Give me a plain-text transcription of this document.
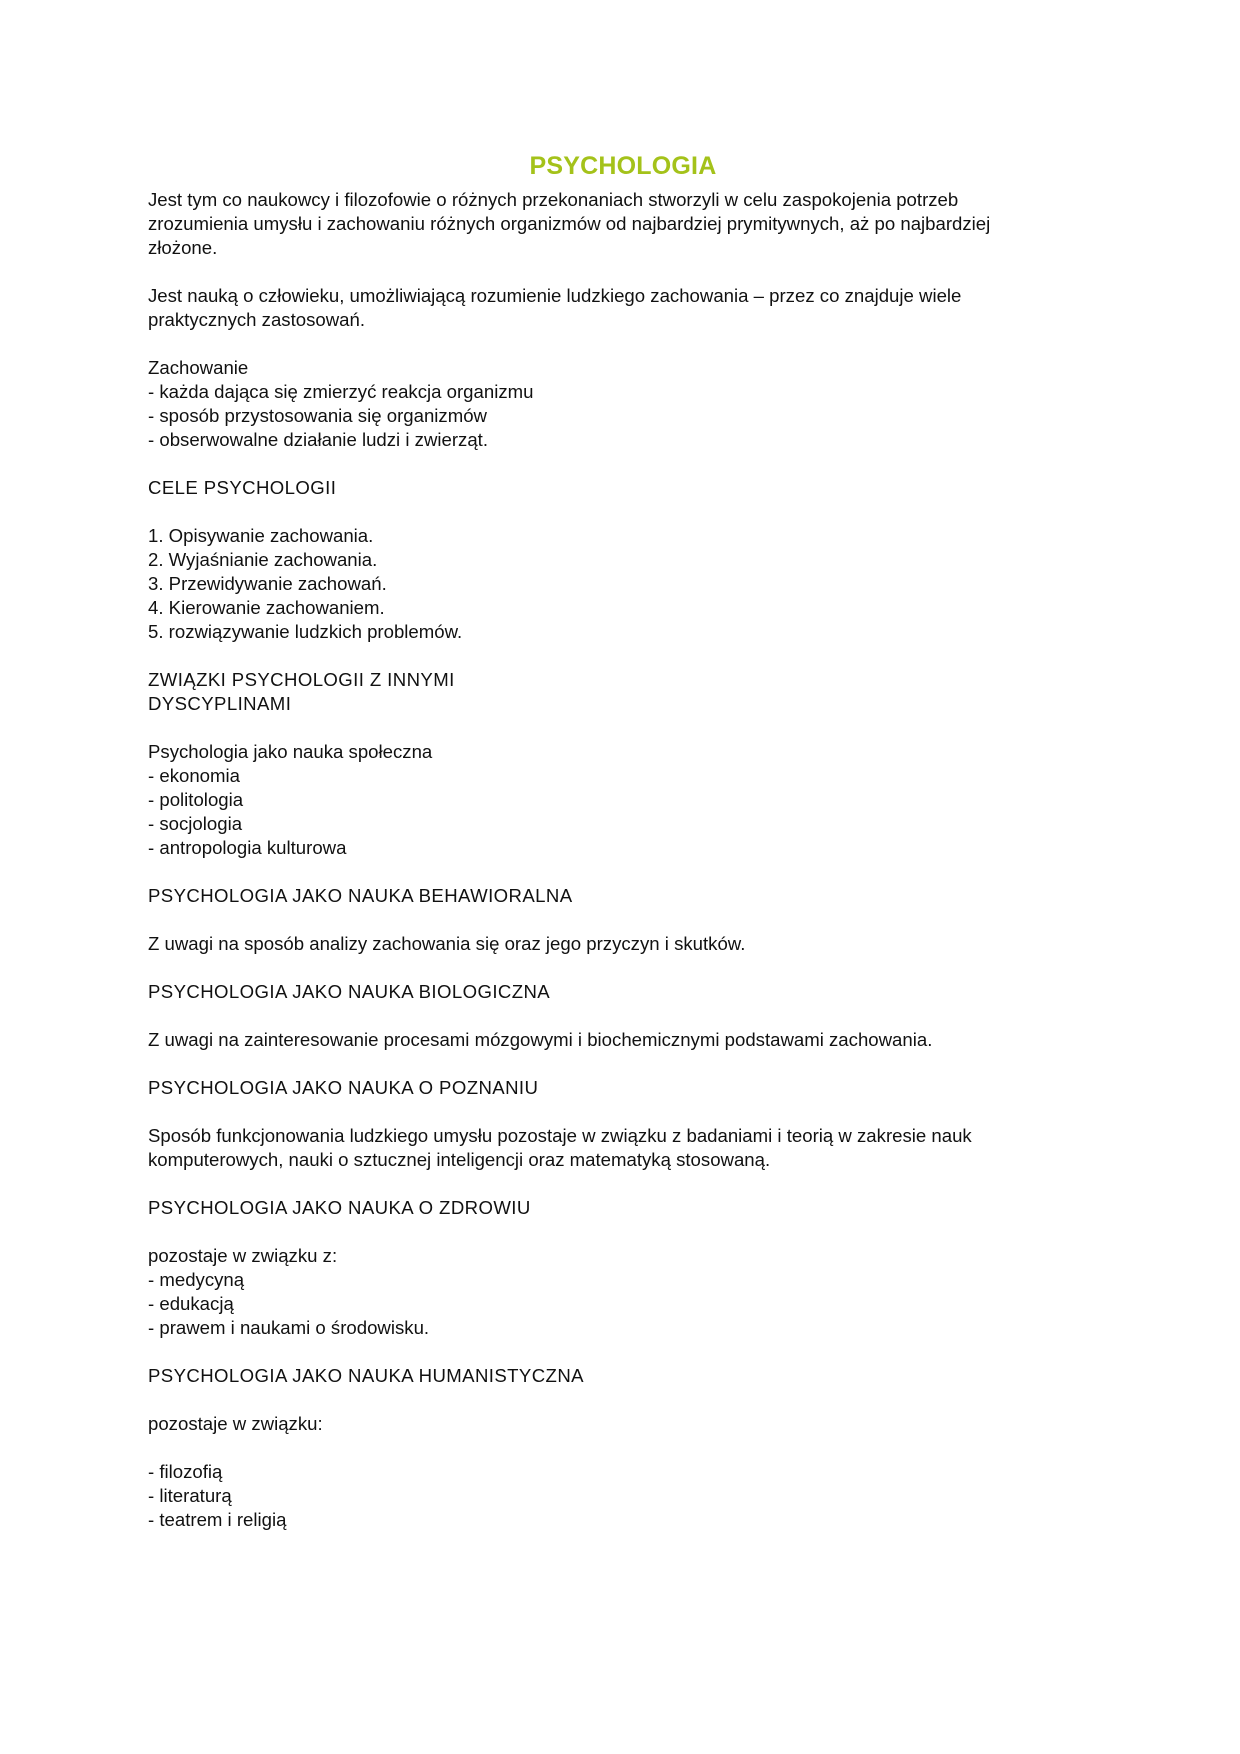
PSYCHOLOGIA
Jest tym co naukowcy i filozofowie o różnych przekonaniach stworzyli w celu zaspokojenia potrzeb
zrozumienia umysłu i zachowaniu różnych organizmów od najbardziej prymitywnych, aż po najbardziej
złożone.
Jest nauką o człowieku, umożliwiającą rozumienie ludzkiego zachowania – przez co znajduje wiele
praktycznych zastosowań.
Zachowanie
- każda dająca się zmierzyć reakcja organizmu
- sposób przystosowania się organizmów
- obserwowalne działanie ludzi i zwierząt.
CELE PSYCHOLOGII
1. Opisywanie zachowania.
2. Wyjaśnianie zachowania.
3. Przewidywanie zachowań.
4. Kierowanie zachowaniem.
5. rozwiązywanie ludzkich problemów.
ZWIĄZKI PSYCHOLOGII Z INNYMI
DYSCYPLINAMI
Psychologia jako nauka społeczna
- ekonomia
- politologia
- socjologia
- antropologia kulturowa
PSYCHOLOGIA JAKO NAUKA BEHAWIORALNA
Z uwagi na sposób analizy zachowania się oraz jego przyczyn i skutków.
PSYCHOLOGIA JAKO NAUKA BIOLOGICZNA
Z uwagi na zainteresowanie procesami mózgowymi i biochemicznymi podstawami zachowania.
PSYCHOLOGIA JAKO NAUKA O POZNANIU
Sposób funkcjonowania ludzkiego umysłu pozostaje w związku z badaniami i teorią w zakresie nauk
komputerowych, nauki o sztucznej inteligencji oraz matematyką stosowaną.
PSYCHOLOGIA JAKO NAUKA O ZDROWIU
pozostaje w związku z:
- medycyną
- edukacją
- prawem i naukami o środowisku.
PSYCHOLOGIA JAKO NAUKA HUMANISTYCZNA
pozostaje w związku:
- filozofią
- literaturą
- teatrem i religią
